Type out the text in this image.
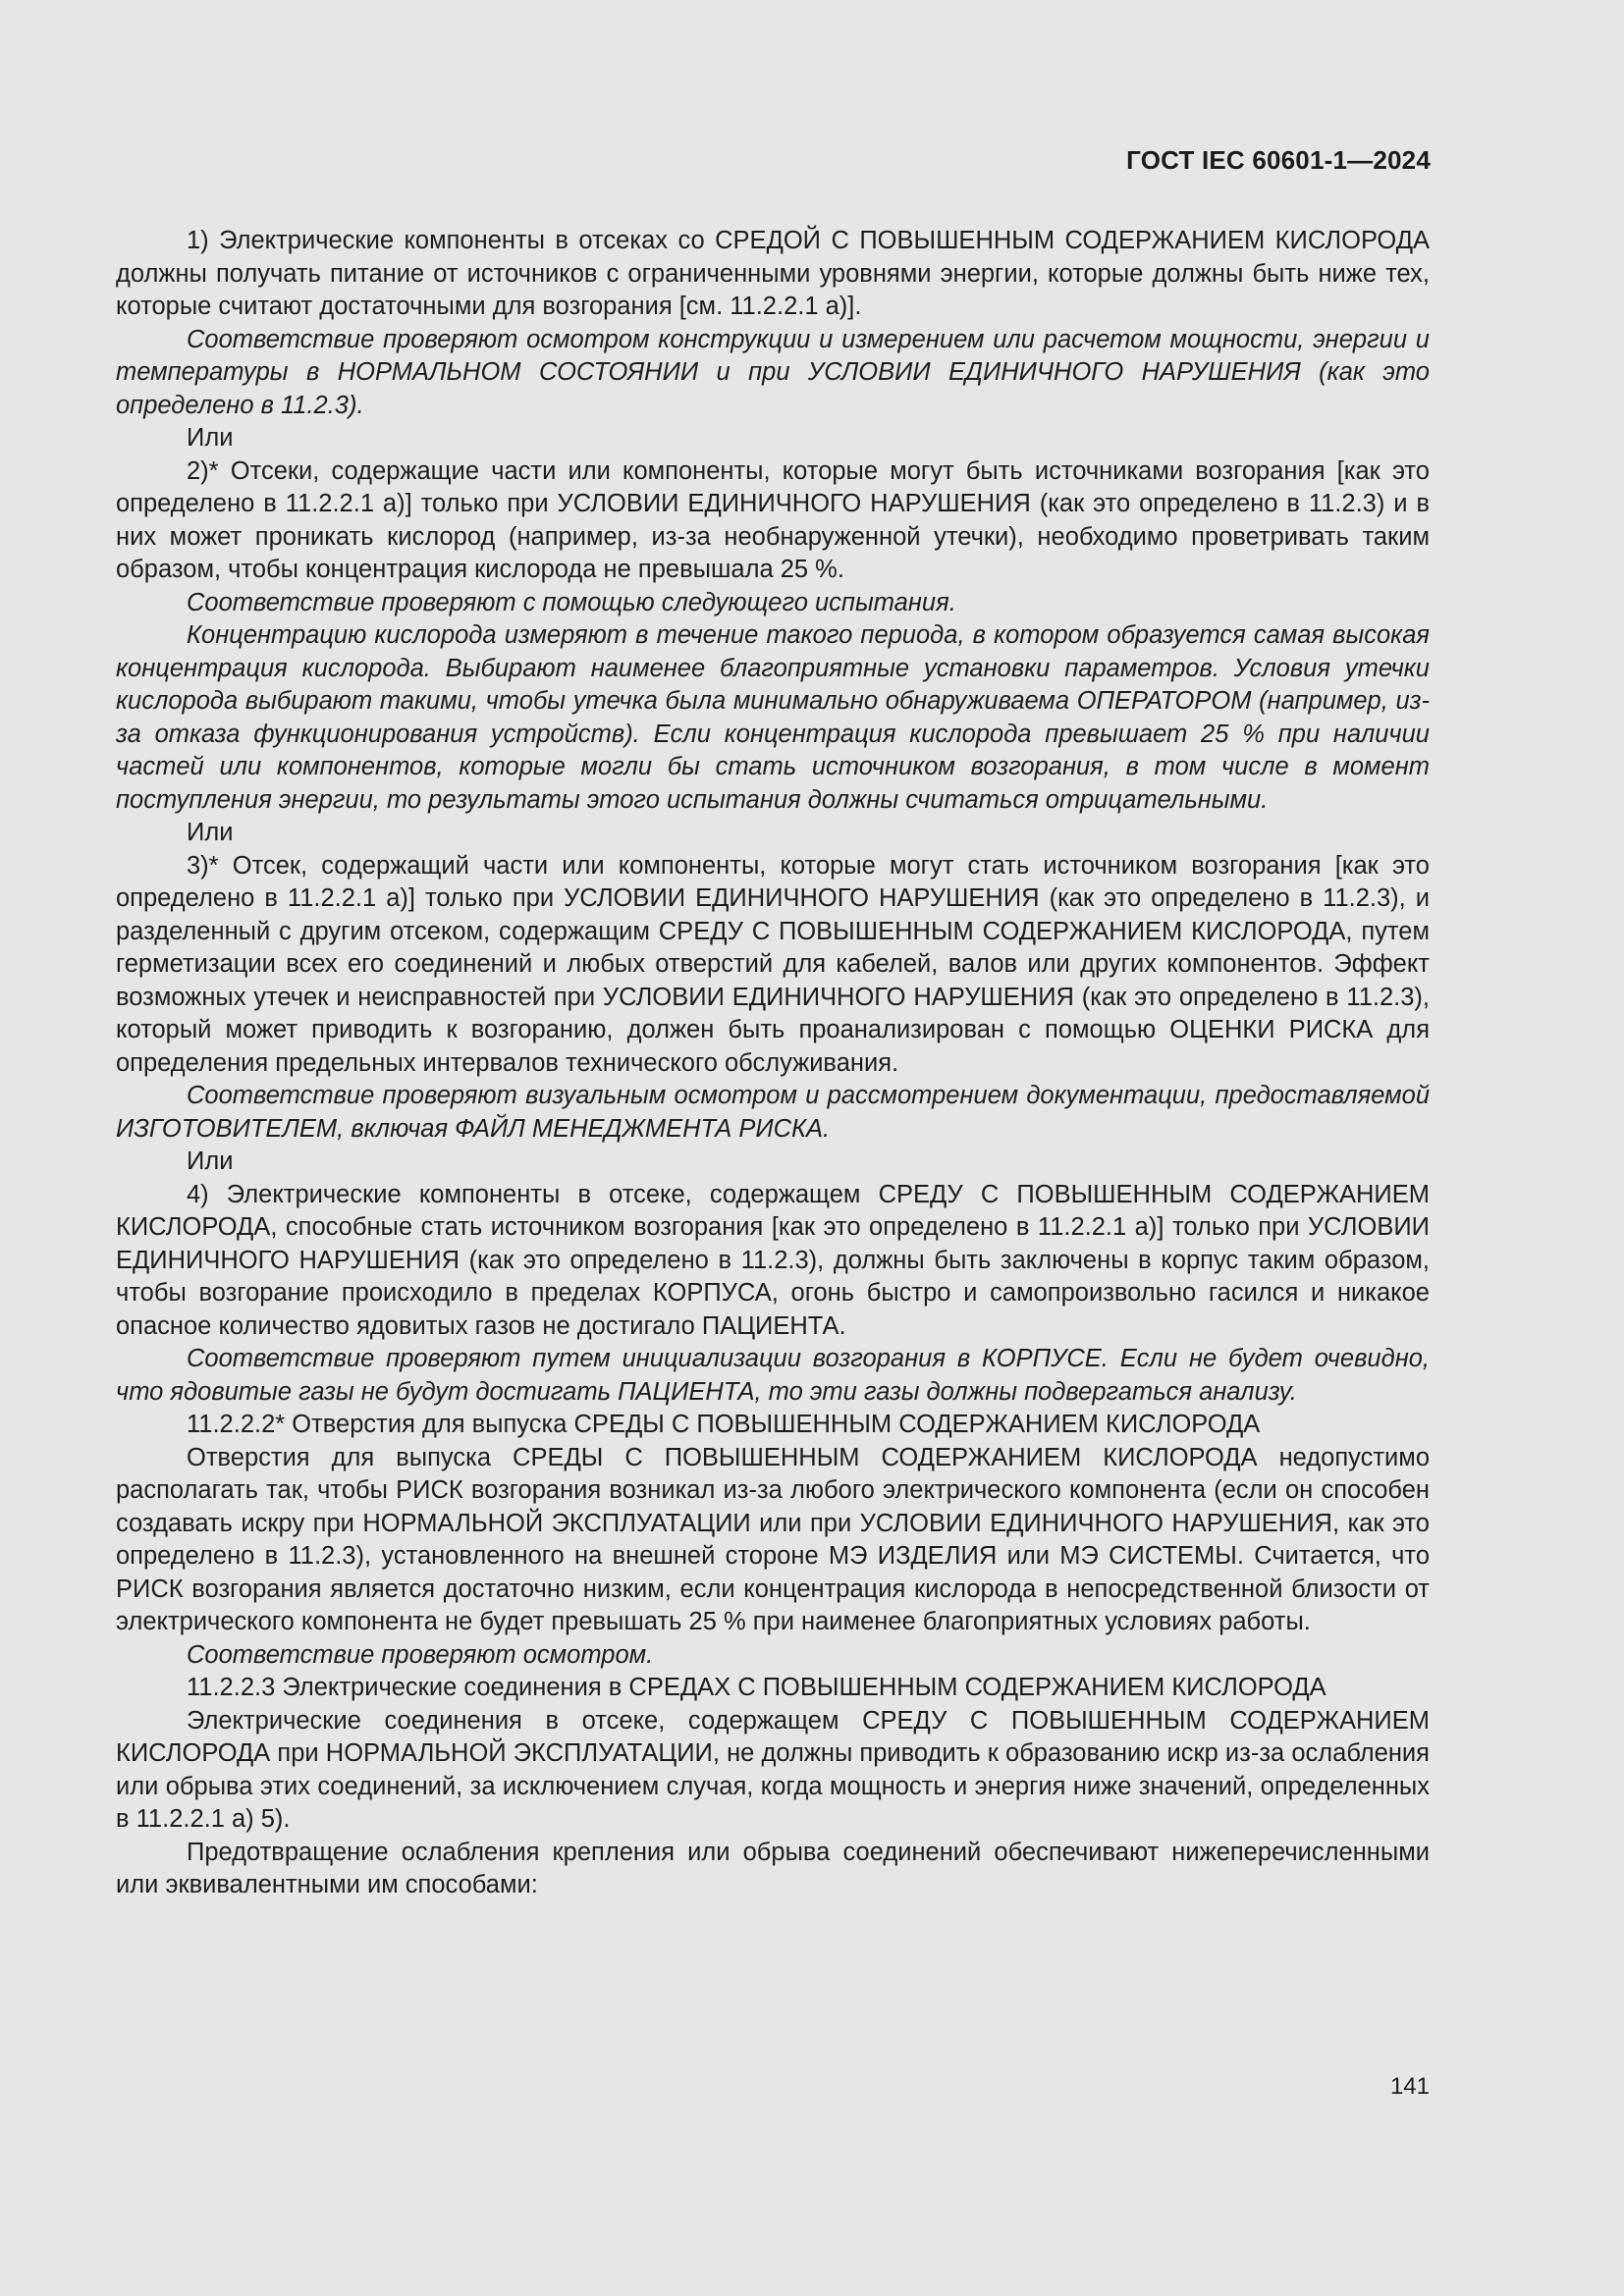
ГОСТ IEC 60601-1—2024

1) Электрические компоненты в отсеках со СРЕДОЙ С ПОВЫШЕННЫМ СОДЕРЖАНИЕМ КИСЛОРОДА должны получать питание от источников с ограниченными уровнями энергии, которые должны быть ниже тех, которые считают достаточными для возгорания [см. 11.2.2.1 а)].

Соответствие проверяют осмотром конструкции и измерением или расчетом мощности, энергии и температуры в НОРМАЛЬНОМ СОСТОЯНИИ и при УСЛОВИИ ЕДИНИЧНОГО НАРУШЕНИЯ (как это определено в 11.2.3).

Или

2)* Отсеки, содержащие части или компоненты, которые могут быть источниками возгорания [как это определено в 11.2.2.1 а)] только при УСЛОВИИ ЕДИНИЧНОГО НАРУШЕНИЯ (как это определено в 11.2.3) и в них может проникать кислород (например, из-за необнаруженной утечки), необходимо проветривать таким образом, чтобы концентрация кислорода не превышала 25 %.

Соответствие проверяют с помощью следующего испытания.

Концентрацию кислорода измеряют в течение такого периода, в котором образуется самая высокая концентрация кислорода. Выбирают наименее благоприятные установки параметров. Условия утечки кислорода выбирают такими, чтобы утечка была минимально обнаруживаема ОПЕРАТОРОМ (например, из-за отказа функционирования устройств). Если концентрация кислорода превышает 25 % при наличии частей или компонентов, которые могли бы стать источником возгорания, в том числе в момент поступления энергии, то результаты этого испытания должны считаться отрицательными.

Или

3)* Отсек, содержащий части или компоненты, которые могут стать источником возгорания [как это определено в 11.2.2.1 а)] только при УСЛОВИИ ЕДИНИЧНОГО НАРУШЕНИЯ (как это определено в 11.2.3), и разделенный с другим отсеком, содержащим СРЕДУ С ПОВЫШЕННЫМ СОДЕРЖАНИЕМ КИСЛОРОДА, путем герметизации всех его соединений и любых отверстий для кабелей, валов или других компонентов. Эффект возможных утечек и неисправностей при УСЛОВИИ ЕДИНИЧНОГО НАРУШЕНИЯ (как это определено в 11.2.3), который может приводить к возгоранию, должен быть проанализирован с помощью ОЦЕНКИ РИСКА для определения предельных интервалов технического обслуживания.

Соответствие проверяют визуальным осмотром и рассмотрением документации, предоставляемой ИЗГОТОВИТЕЛЕМ, включая ФАЙЛ МЕНЕДЖМЕНТА РИСКА.

Или

4) Электрические компоненты в отсеке, содержащем СРЕДУ С ПОВЫШЕННЫМ СОДЕРЖАНИЕМ КИСЛОРОДА, способные стать источником возгорания [как это определено в 11.2.2.1 а)] только при УСЛОВИИ ЕДИНИЧНОГО НАРУШЕНИЯ (как это определено в 11.2.3), должны быть заключены в корпус таким образом, чтобы возгорание происходило в пределах КОРПУСА, огонь быстро и самопроизвольно гасился и никакое опасное количество ядовитых газов не достигало ПАЦИЕНТА.

Соответствие проверяют путем инициализации возгорания в КОРПУСЕ. Если не будет очевидно, что ядовитые газы не будут достигать ПАЦИЕНТА, то эти газы должны подвергаться анализу.

11.2.2.2* Отверстия для выпуска СРЕДЫ С ПОВЫШЕННЫМ СОДЕРЖАНИЕМ КИСЛОРОДА

Отверстия для выпуска СРЕДЫ С ПОВЫШЕННЫМ СОДЕРЖАНИЕМ КИСЛОРОДА недопустимо располагать так, чтобы РИСК возгорания возникал из-за любого электрического компонента (если он способен создавать искру при НОРМАЛЬНОЙ ЭКСПЛУАТАЦИИ или при УСЛОВИИ ЕДИНИЧНОГО НАРУШЕНИЯ, как это определено в 11.2.3), установленного на внешней стороне МЭ ИЗДЕЛИЯ или МЭ СИСТЕМЫ. Считается, что РИСК возгорания является достаточно низким, если концентрация кислорода в непосредственной близости от электрического компонента не будет превышать 25 % при наименее благоприятных условиях работы.

Соответствие проверяют осмотром.

11.2.2.3 Электрические соединения в СРЕДАХ С ПОВЫШЕННЫМ СОДЕРЖАНИЕМ КИСЛОРОДА

Электрические соединения в отсеке, содержащем СРЕДУ С ПОВЫШЕННЫМ СОДЕРЖАНИЕМ КИСЛОРОДА при НОРМАЛЬНОЙ ЭКСПЛУАТАЦИИ, не должны приводить к образованию искр из-за ослабления или обрыва этих соединений, за исключением случая, когда мощность и энергия ниже значений, определенных в 11.2.2.1 а) 5).

Предотвращение ослабления крепления или обрыва соединений обеспечивают нижеперечисленными или эквивалентными им способами:

141
